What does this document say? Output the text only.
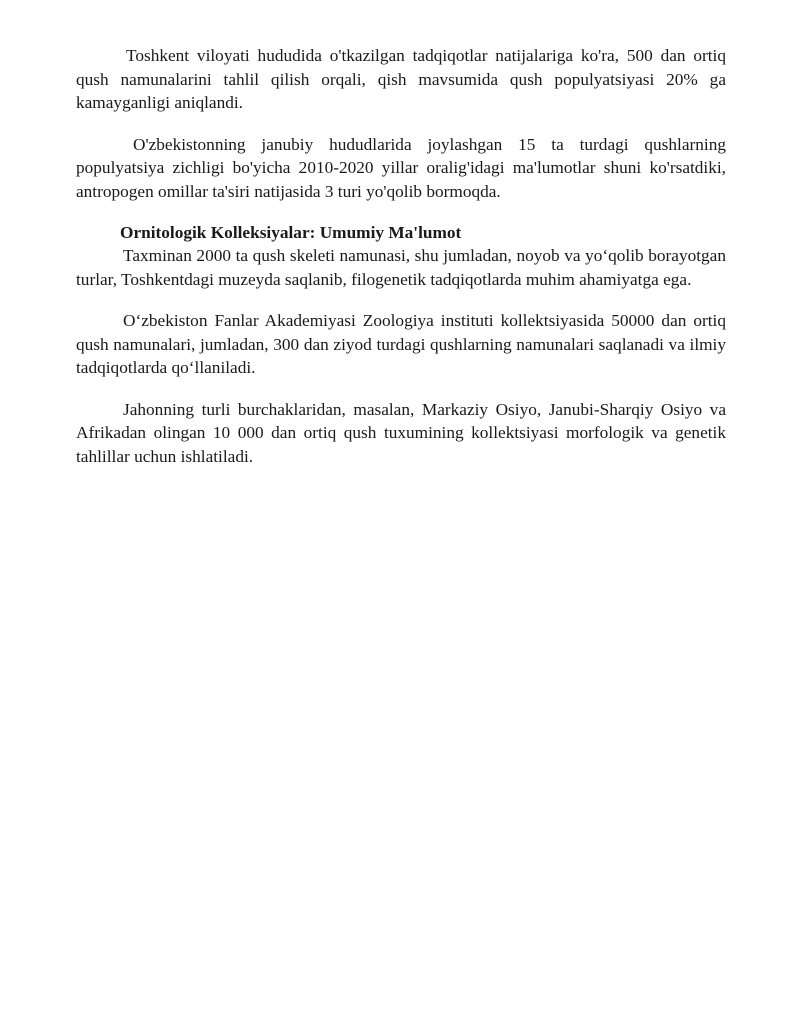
Toshkent viloyati hududida o'tkazilgan tadqiqotlar natijalariga ko'ra, 500 dan ortiq qush namunalarini tahlil qilish orqali, qish mavsumida qush populyatsiyasi 20% ga kamayganligi aniqlandi.

O'zbekistonning janubiy hududlarida joylashgan 15 ta turdagi qushlarning populyatsiya zichligi bo'yicha 2010-2020 yillar oralig'idagi ma'lumotlar shuni ko'rsatdiki, antropogen omillar ta'siri natijasida 3 turi yo'qolib bormoqda.

Ornitologik Kolleksiyalar: Umumiy Ma'lumot

Taxminan 2000 ta qush skeleti namunasi, shu jumladan, noyob va yo‘qolib borayotgan turlar, Toshkentdagi muzeyda saqlanib, filogenetik tadqiqotlarda muhim ahamiyatga ega.

O‘zbekiston Fanlar Akademiyasi Zoologiya instituti kollektsiyasida 50000 dan ortiq qush namunalari, jumladan, 300 dan ziyod turdagi qushlarning namunalari saqlanadi va ilmiy tadqiqotlarda qo‘llaniladi.

Jahonning turli burchaklaridan, masalan, Markaziy Osiyo, Janubi-Sharqiy Osiyo va Afrikadan olingan 10 000 dan ortiq qush tuxumining kollektsiyasi morfologik va genetik tahlillar uchun ishlatiladi.
